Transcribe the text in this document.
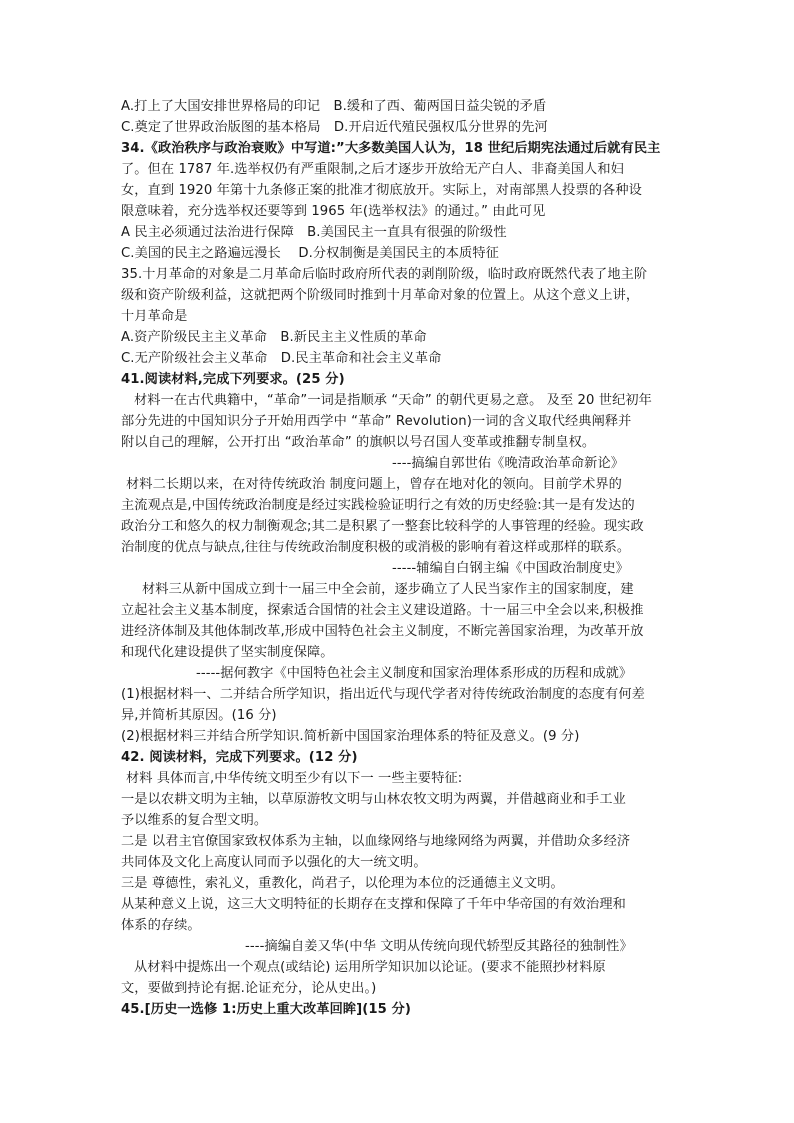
A.打上了大国安排世界格局的印记　B.缓和了西、葡两国日益尖锐的矛盾
C.奠定了世界政治版图的基本格局　D.开启近代殖民强权瓜分世界的先河
34.《政治秩序与政治衰败》中写道:”大多数美国人认为，18 世纪后期宪法通过后就有民主
了。但在 1787 年.选举权仍有严重限制,之后才逐步开放给无产白人、非裔美国人和妇
女，直到 1920 年第十九条修正案的批准才彻底放开。实际上，对南部黑人投票的各种设
限意味着，充分选举权还要等到 1965 年(选举权法》的通过。” 由此可见
A 民主必须通过法治进行保障　B.美国民主一直具有很强的阶级性
C.美国的民主之路遍远漫长　 D.分权制衡是美国民主的本质特征
35.十月革命的对象是二月革命后临时政府所代表的剥削阶级，临时政府既然代表了地主阶
级和资产阶级利益，这就把两个阶级同时推到十月革命对象的位置上。从这个意义上讲，
十月革命是
A.资产阶级民主主义革命　B.新民主主义性质的革命
C.无产阶级社会主义革命　D.民主革命和社会主义革命
41.阅读材料,完成下列要求。(25 分)
材料一在古代典籍中，“革命”一词是指顺承 “天命” 的朝代更易之意。 及至 20 世纪初年
部分先进的中国知识分子开始用西学中 “革命” Revolution)一词的含义取代经典阐释并
附以自己的理解，公开打出 “政治革命” 的旗帜以号召国人变革或推翻专制皇权。
----搞编自郭世佑《晚清政治革命新论》
材料二长期以来，在对待传统政治 制度问题上，曾存在地对化的领向。目前学术界的
主流观点是,中国传统政治制度是经过实践检验证明行之有效的历史经验:其一是有发达的
政治分工和悠久的权力制衡观念;其二是积累了一整套比较科学的人事管理的经验。现实政
治制度的优点与缺点,往往与传统政治制度积极的或消极的影响有着这样或那样的联系。
-----辅编自白钢主编《中国政治制度史》
材料三从新中国成立到十一届三中全会前，逐步确立了人民当家作主的国家制度，建
立起社会主义基本制度，探索适合国情的社会主义建设道路。十一届三中全会以来,积极推
进经济体制及其他体制改革,形成中国特色社会主义制度，不断完善国家治理，为改革开放
和现代化建设提供了坚实制度保障。
-----据何教字《中国特色社会主义制度和国家治理体系形成的历程和成就》
(1)根据材料一、二并结合所学知识，指出近代与现代学者对待传统政治制度的态度有何差
异,并简析其原因。(16 分)
(2)根据材料三并结合所学知识.简析新中国国家治理体系的特征及意义。(9 分)
42. 阅读材料，完成下列要求。(12 分)
材料 具体而言,中华传统文明至少有以下一 一些主要特征:
一是以农耕文明为主轴，以草原游牧文明与山林农牧文明为两翼，并借越商业和手工业
予以维系的复合型文明。
二是 以君主官僚国家致权体系为主轴，以血缘网络与地缘网络为两翼，并借助众多经济
共同体及文化上高度认同而予以强化的大一统文明。
三是 尊德性，索礼义，重教化，尚君子，以伦理为本位的泛通德主义文明。
从某种意义上说，这三大文明特征的长期存在支撑和保障了千年中华帝国的有效治理和
体系的存续。
----摘编自姜又华(中华 文明从传统向现代轿型反其路径的独制性》
从材料中提炼出一个观点(或结论) 运用所学知识加以论证。(要求不能照抄材料原
文，要做到持论有据.论证充分，论从史出。)
45.[历史一选修 1:历史上重大改革回眸](15 分)
